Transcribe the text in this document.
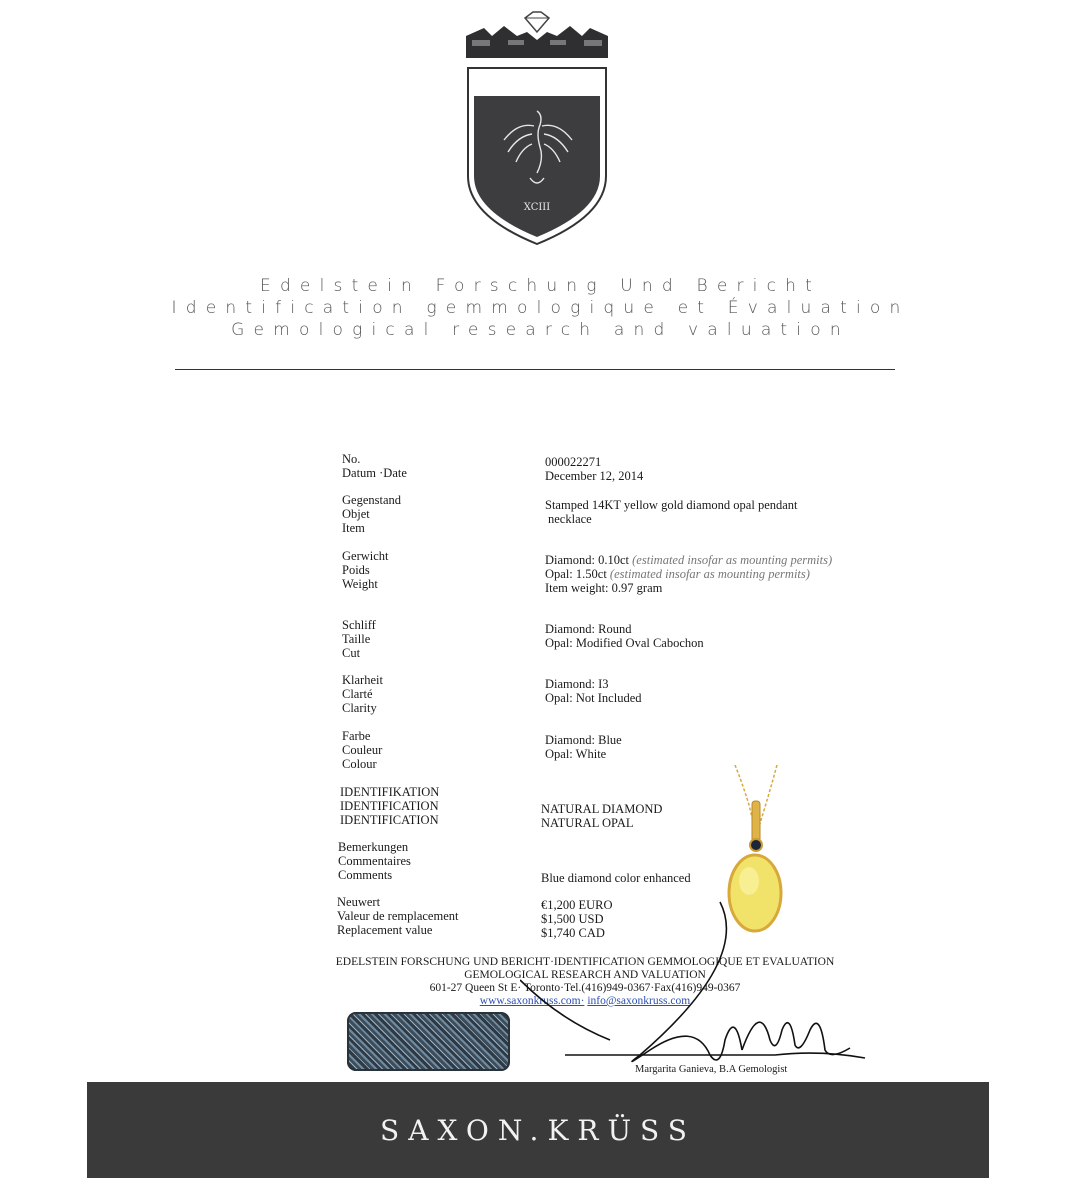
XCIII
Edelstein Forschung Und Bericht
Identification gemmologique et Évaluation
Gemological research and valuation
No.
Datum ·Date
000022271
December 12, 2014
Gegenstand
Objet
Item
Stamped 14KT yellow gold diamond opal pendant
necklace
Gerwicht
Poids
Weight
Diamond: 0.10ct (estimated insofar as mounting permits)
Opal: 1.50ct (estimated insofar as mounting permits)
Item weight: 0.97 gram
Schliff
Taille
Cut
Diamond: Round
Opal: Modified Oval Cabochon
Klarheit
Clarté
Clarity
Diamond: I3
Opal: Not Included
Farbe
Couleur
Colour
Diamond: Blue
Opal: White
IDENTIFIKATION
IDENTIFICATION
IDENTIFICATION
NATURAL DIAMOND
NATURAL OPAL
Bemerkungen
Commentaires
Comments	Blue diamond color enhanced
Neuwert
Valeur de remplacement
Replacement value
€1,200 EURO
$1,500 USD
$1,740 CAD
EDELSTEIN FORSCHUNG UND BERICHT·IDENTIFICATION GEMMOLOGIQUE ET EVALUATION
GEMOLOGICAL RESEARCH AND VALUATION
601-27 Queen St E· Toronto·Tel.(416)949-0367·Fax(416)949-0367
www.saxonkruss.com· info@saxonkruss.com
Margarita Ganieva, B.A Gemologist
SAXON.KRÜSS
